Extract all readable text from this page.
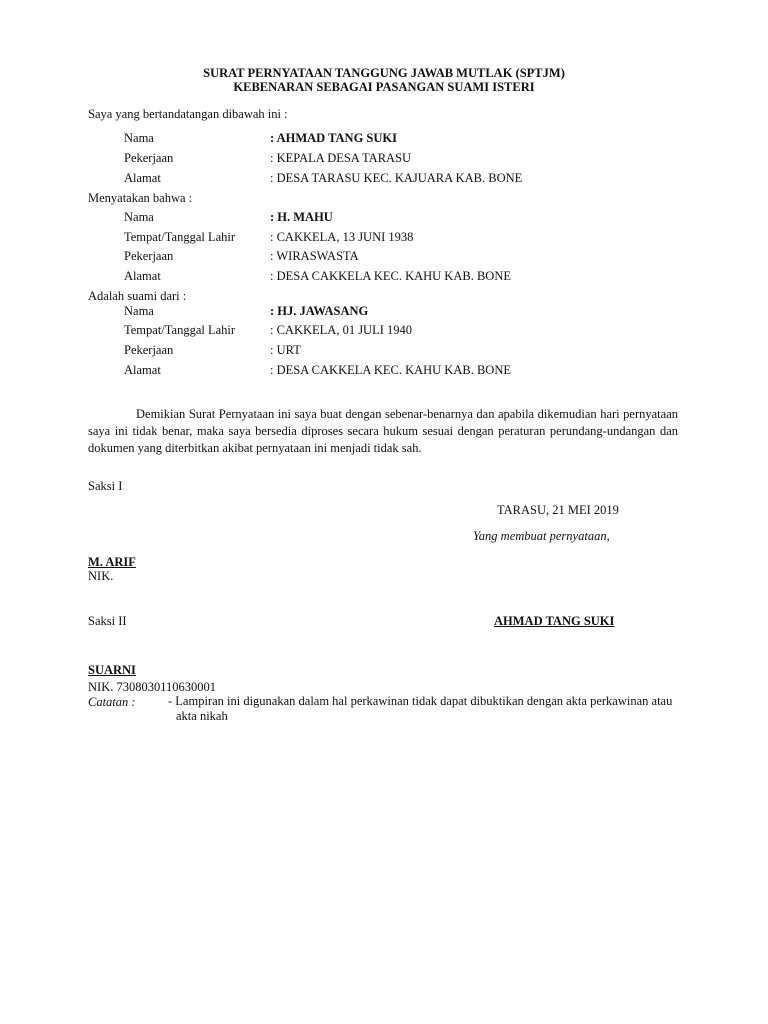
SURAT PERNYATAAN TANGGUNG JAWAB MUTLAK (SPTJM)
KEBENARAN SEBAGAI PASANGAN SUAMI ISTERI
Saya yang bertandatangan dibawah ini :
Nama	: AHMAD TANG SUKI
Pekerjaan	: KEPALA DESA TARASU
Alamat	: DESA TARASU KEC. KAJUARA KAB. BONE
Menyatakan bahwa :
Nama	: H. MAHU
Tempat/Tanggal Lahir	: CAKKELA, 13 JUNI 1938
Pekerjaan	: WIRASWASTA
Alamat	: DESA CAKKELA KEC. KAHU KAB. BONE
Adalah suami dari :
Nama	: HJ. JAWASANG
Tempat/Tanggal Lahir	: CAKKELA, 01 JULI 1940
Pekerjaan	: URT
Alamat	: DESA CAKKELA KEC. KAHU KAB. BONE
Demikian Surat Pernyataan ini saya buat dengan sebenar-benarnya dan apabila dikemudian hari pernyataan saya ini tidak benar, maka saya bersedia diproses secara hukum sesuai dengan peraturan perundang-undangan dan dokumen yang diterbitkan akibat pernyataan ini menjadi tidak sah.
Saksi I
TARASU, 21 MEI 2019
Yang membuat pernyataan,
M. ARIF
NIK.
Saksi II	AHMAD TANG SUKI
SUARNI
NIK. 7308030110630001
Catatan :	- Lampiran ini digunakan dalam hal perkawinan tidak dapat dibuktikan dengan akta perkawinan atau akta nikah
